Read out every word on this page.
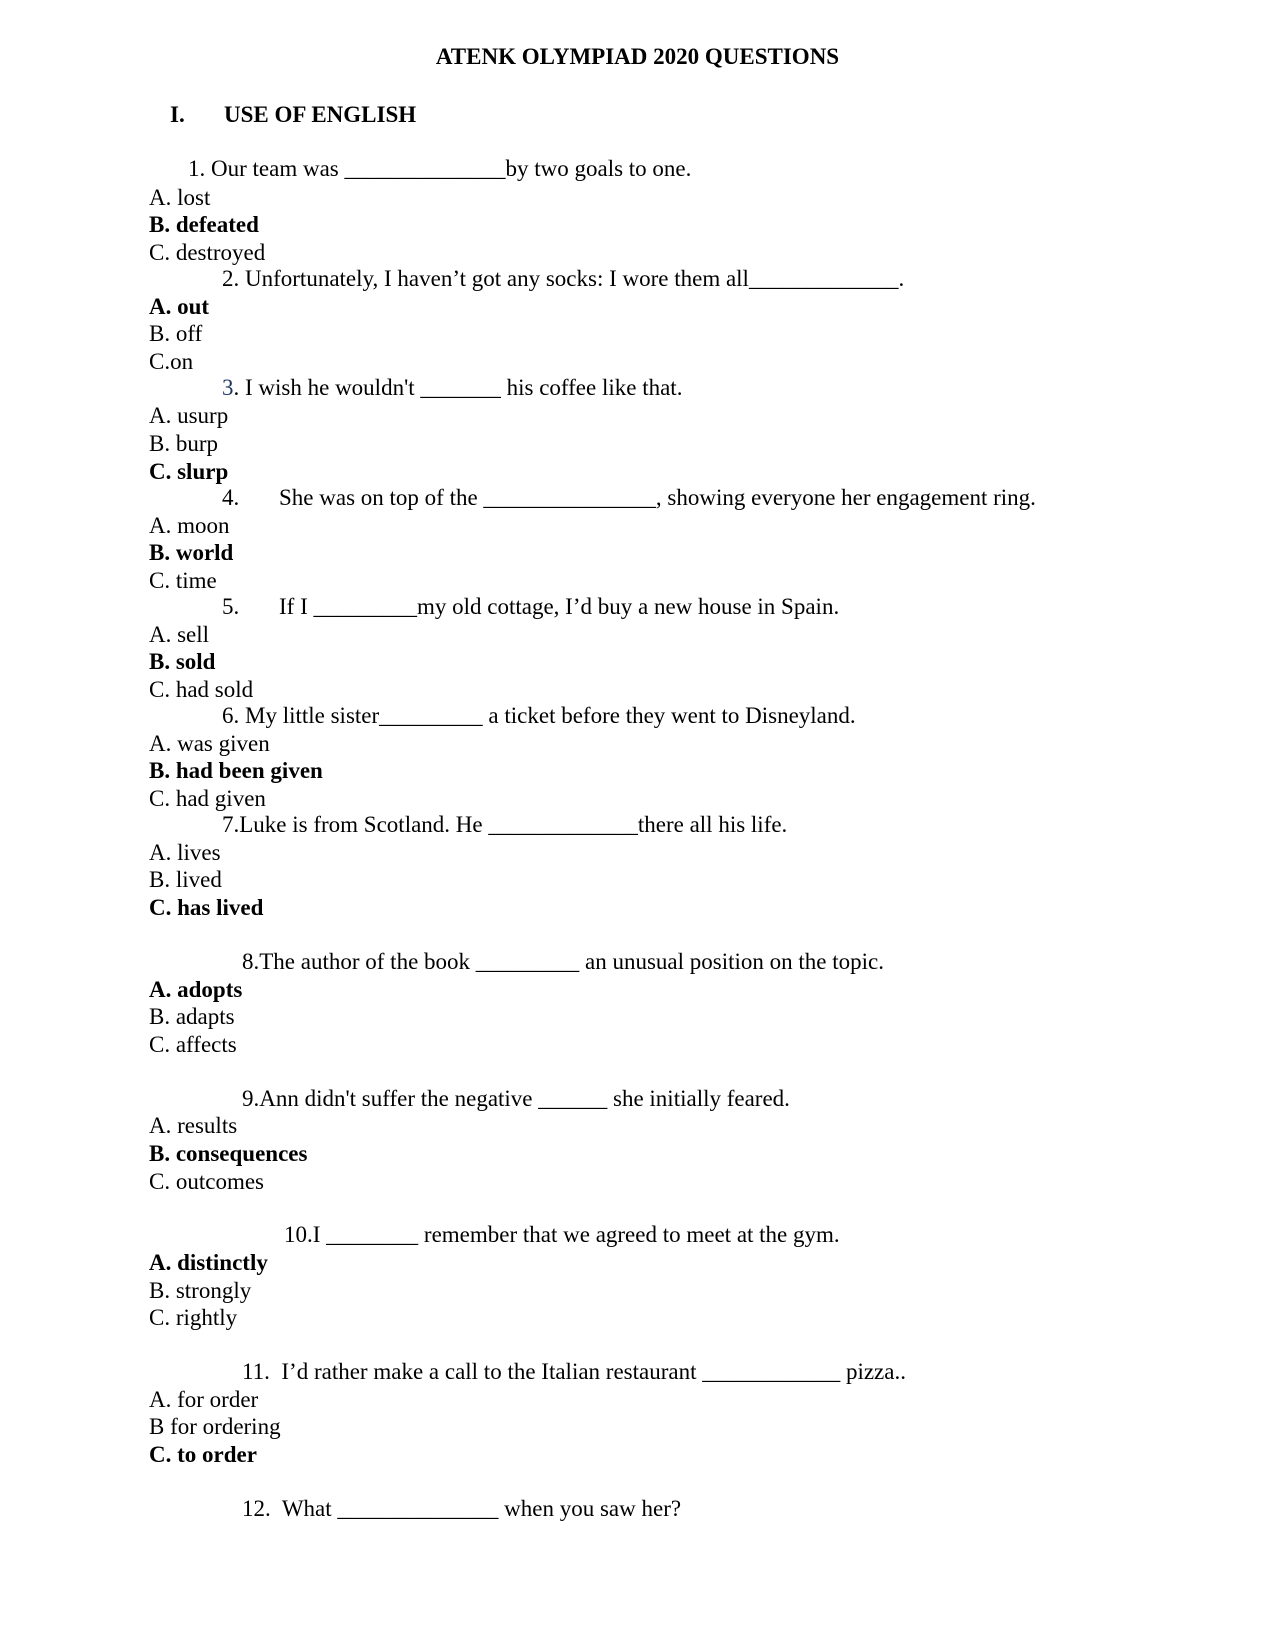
ATENK OLYMPIAD 2020 QUESTIONS
I. USE OF ENGLISH
1. Our team was ______________by two goals to one.
A. lost
B. defeated
C. destroyed
2. Unfortunately, I haven’t got any socks: I wore them all_____________.
A. out
B. off
C.on
3. I wish he wouldn't _______ his coffee like that.
A. usurp
B. burp
C. slurp
4. She was on top of the _______________, showing everyone her engagement ring.
A. moon
B. world
C. time
5. If I _________my old cottage, I’d buy a new house in Spain.
A. sell
B. sold
C. had sold
6. My little sister_________ a ticket before they went to Disneyland.
A. was given
B. had been given
C. had given
7.Luke is from Scotland. He _____________there all his life.
A. lives
B. lived
C. has lived
8.The author of the book _________ an unusual position on the topic.
A. adopts
B. adapts
C. affects
9.Ann didn't suffer the negative ______ she initially feared.
A. results
B. consequences
C. outcomes
10.I ________ remember that we agreed to meet at the gym.
A. distinctly
B. strongly
C. rightly
11.  I’d rather make a call to the Italian restaurant ____________ pizza..
A. for order
B for ordering
C. to order
12.  What ______________ when you saw her?
